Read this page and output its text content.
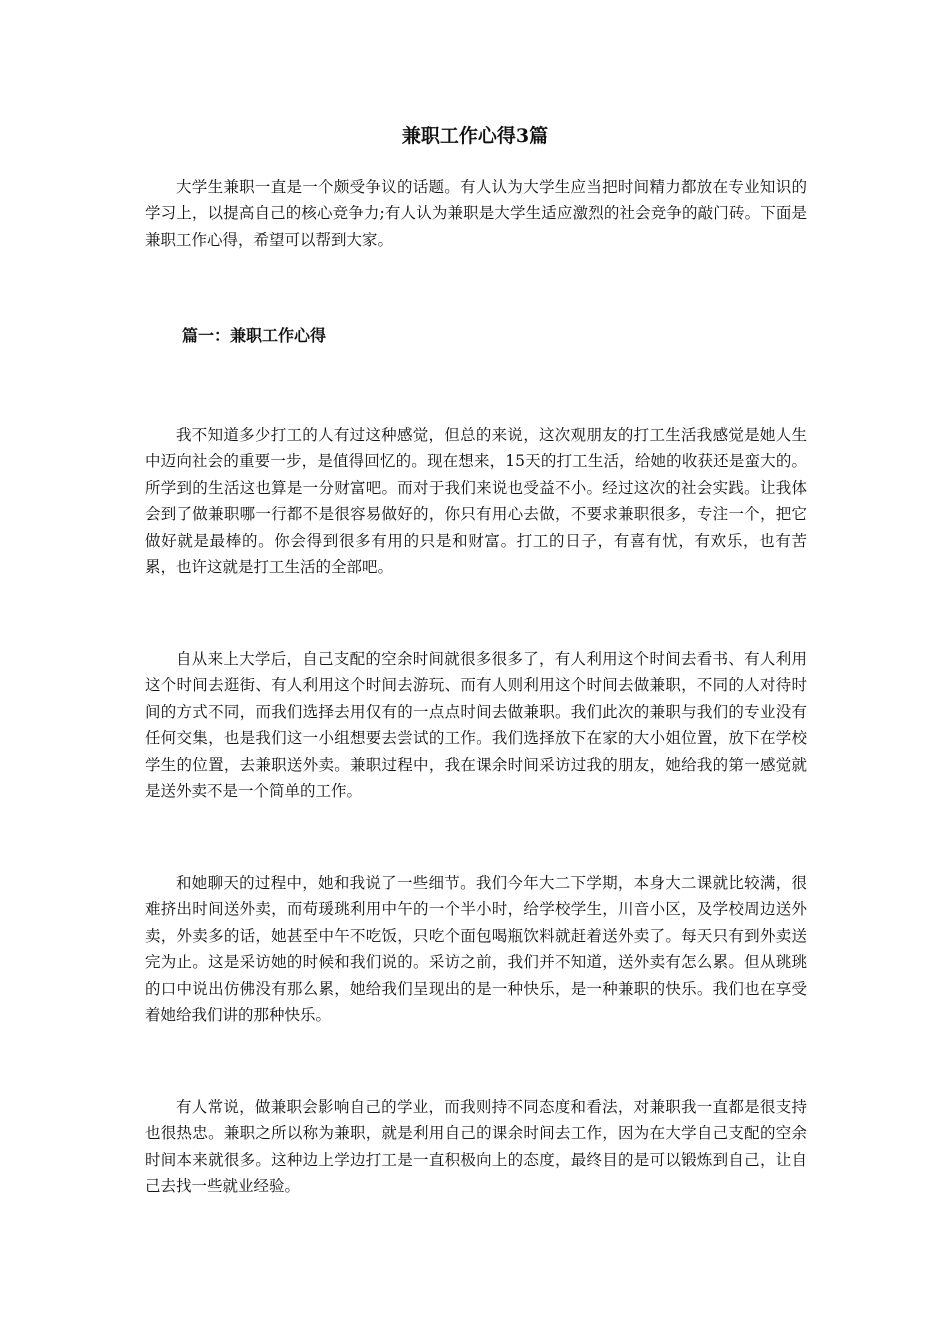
兼职工作心得3篇

大学生兼职一直是一个颇受争议的话题。有人认为大学生应当把时间精力都放在专业知识的学习上，以提高自己的核心竞争力;有人认为兼职是大学生适应激烈的社会竞争的敲门砖。下面是兼职工作心得，希望可以帮到大家。

篇一：兼职工作心得

我不知道多少打工的人有过这种感觉，但总的来说，这次观朋友的打工生活我感觉是她人生中迈向社会的重要一步，是值得回忆的。现在想来，15天的打工生活，给她的收获还是蛮大的。所学到的生活这也算是一分财富吧。而对于我们来说也受益不小。经过这次的社会实践。让我体会到了做兼职哪一行都不是很容易做好的，你只有用心去做，不要求兼职很多，专注一个，把它做好就是最棒的。你会得到很多有用的只是和财富。打工的日子，有喜有忧，有欢乐，也有苦累，也许这就是打工生活的全部吧。

自从来上大学后，自己支配的空余时间就很多很多了，有人利用这个时间去看书、有人利用这个时间去逛街、有人利用这个时间去游玩、而有人则利用这个时间去做兼职，不同的人对待时间的方式不同，而我们选择去用仅有的一点点时间去做兼职。我们此次的兼职与我们的专业没有任何交集，也是我们这一小组想要去尝试的工作。我们选择放下在家的大小姐位置，放下在学校学生的位置，去兼职送外卖。兼职过程中，我在课余时间采访过我的朋友，她给我的第一感觉就是送外卖不是一个简单的工作。

和她聊天的过程中，她和我说了一些细节。我们今年大二下学期，本身大二课就比较满，很难挤出时间送外卖，而苟瑗珧利用中午的一个半小时，给学校学生，川音小区，及学校周边送外卖，外卖多的话，她甚至中午不吃饭，只吃个面包喝瓶饮料就赶着送外卖了。每天只有到外卖送完为止。这是采访她的时候和我们说的。采访之前，我们并不知道，送外卖有怎么累。但从珧珧的口中说出仿佛没有那么累，她给我们呈现出的是一种快乐，是一种兼职的快乐。我们也在享受着她给我们讲的那种快乐。

有人常说，做兼职会影响自己的学业，而我则持不同态度和看法，对兼职我一直都是很支持也很热忠。兼职之所以称为兼职，就是利用自己的课余时间去工作，因为在大学自己支配的空余时间本来就很多。这种边上学边打工是一直积极向上的态度，最终目的是可以锻炼到自己，让自己去找一些就业经验。
